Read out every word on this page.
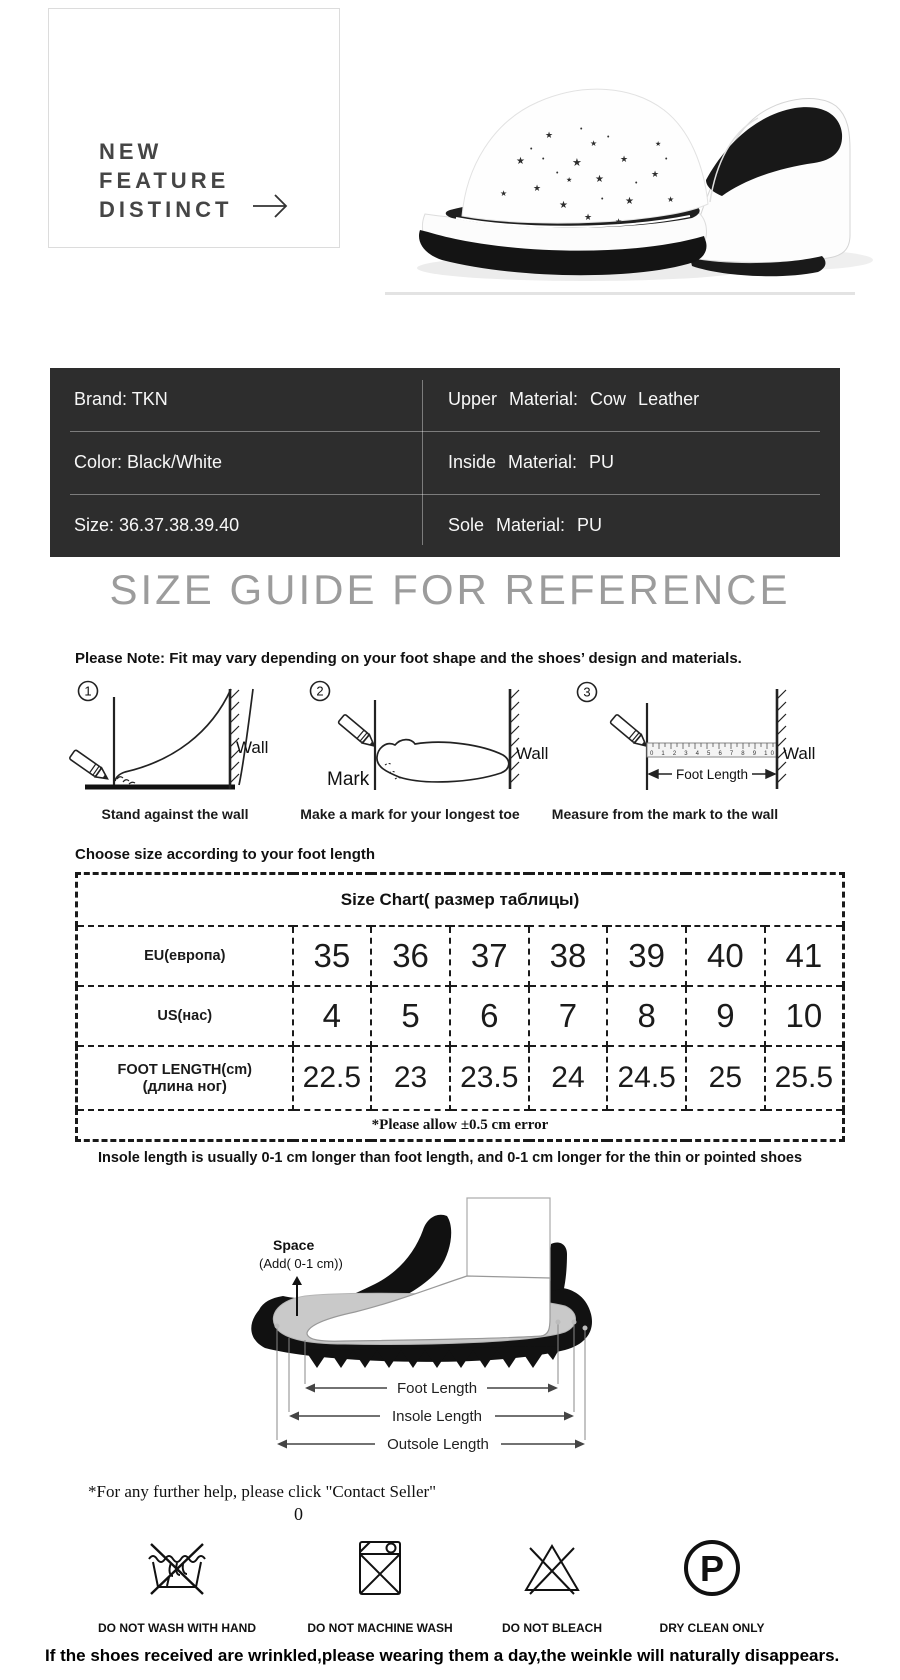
NEW
FEATURE
DISTINCT
★
★
★
★
★
★
★
★
★
★
★
★
★	★
★
★
•
•
•
•
•
•
•
•
Brand: TKN	Upper Material: Cow Leather
Color: Black/White	Inside Material: PU
Size: 36.37.38.39.40	Sole Material: PU
SIZE GUIDE FOR REFERENCE
Please Note: Fit may vary depending on your foot shape and the shoes’ design and materials.
1
Wall
2
Mark
Wall
3
0 1 2 3 4 5 6 7 8 9 10
Foot Length
Wall
Stand against the wall	Make a mark for your longest toe	Measure from the mark to the wall
Choose size according to your foot length
Size Chart( размер таблицы)							
EU(европа)	35	36	37	38	39	40	41
US(нас)	4	5	6	7	8	9	10

FOOT LENGTH(cm)
(длина ног)	22.5	23	23.5	24	24.5	25	25.5
*Please allow ±0.5 cm error							
Insole length is usually 0-1 cm longer than foot length, and 0-1 cm longer for the thin or pointed shoes
Space
(Add( 0-1 cm))
Foot Length
Insole Length
Outsole Length
*For any further help, please click "Contact Seller"
0
DO NOT WASH WITH HAND	DO NOT MACHINE WASH	DO NOT BLEACH
P
DRY CLEAN ONLY
If the shoes received are wrinkled,please wearing them a day,the weinkle will naturally disappears.
